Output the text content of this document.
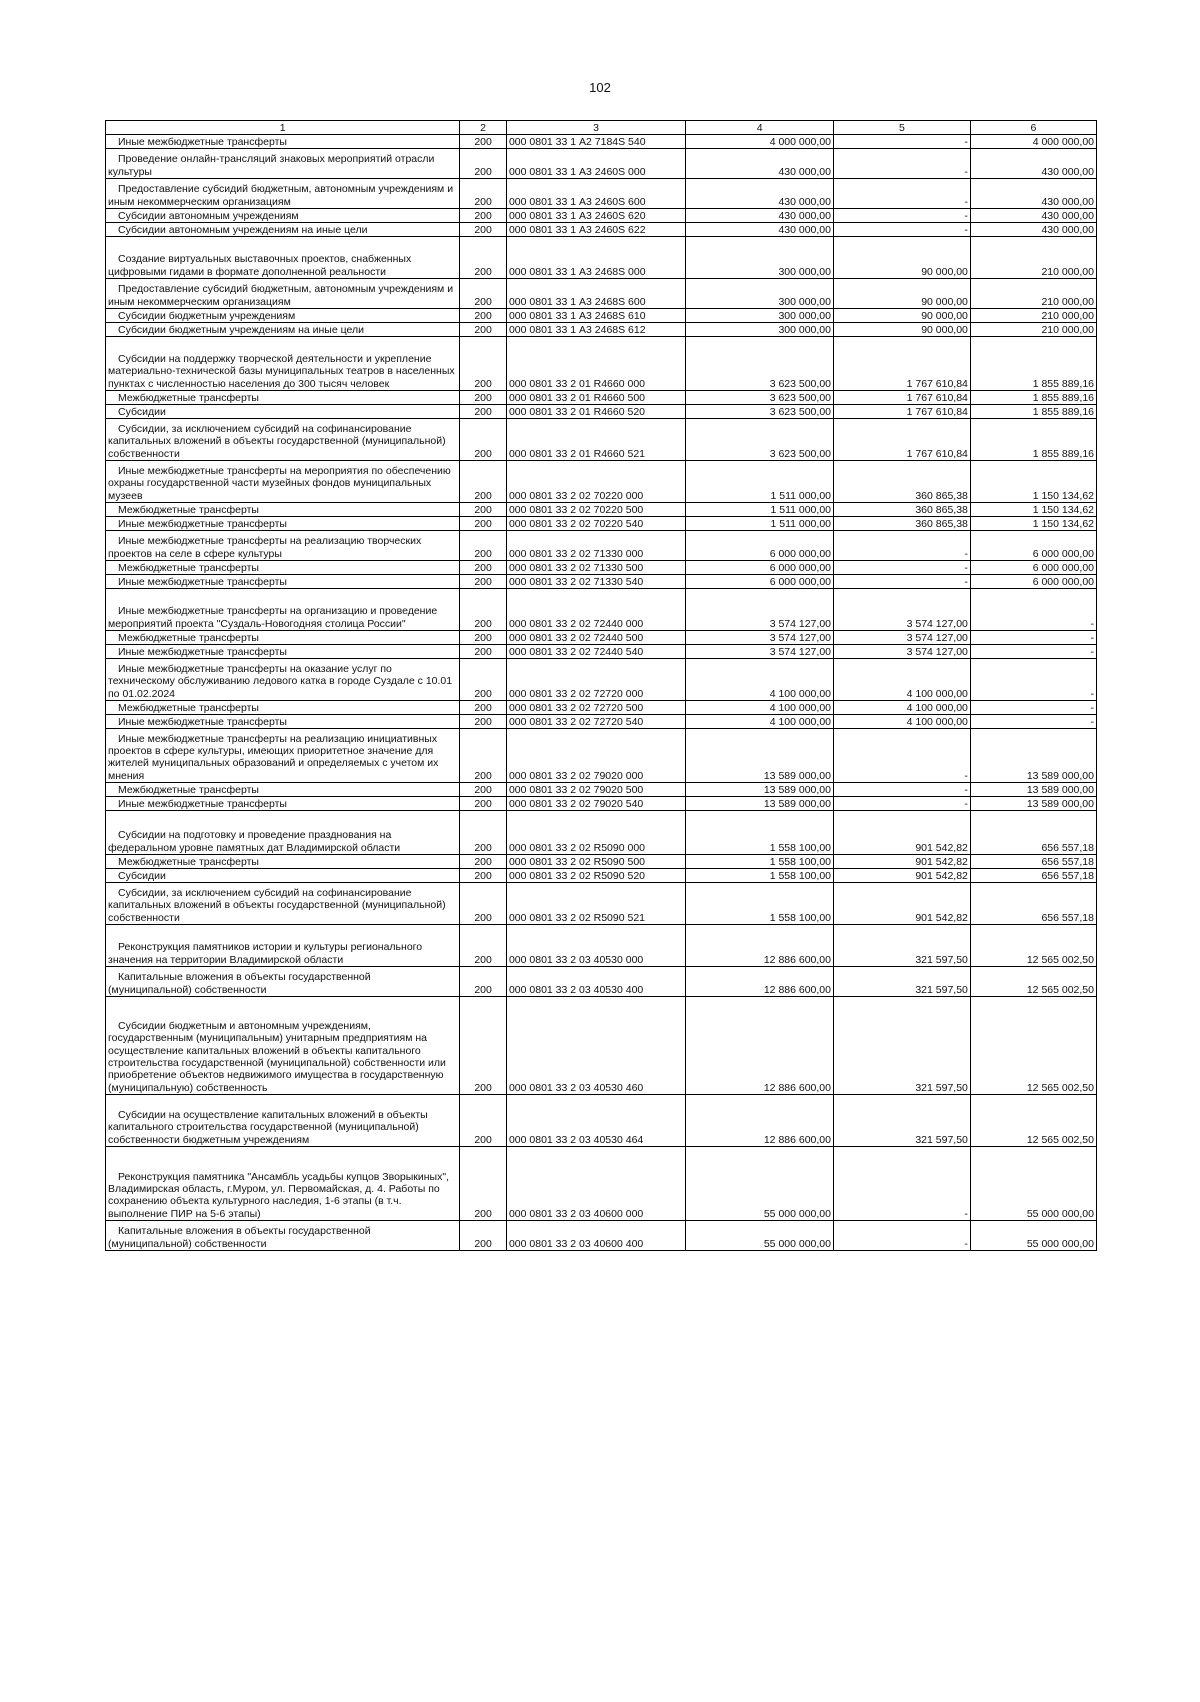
102
1	2	3	4	5	6

Иные межбюджетные трансферты	200	000 0801 33 1 А2 7184S 540	4 000 000,00	-	4 000 000,00

Проведение онлайн-трансляций знаковых мероприятий отрасли культуры	200	000 0801 33 1 А3 2460S 000	430 000,00	-	430 000,00

Предоставление субсидий бюджетным, автономным учреждениям и иным некоммерческим организациям	200	000 0801 33 1 А3 2460S 600	430 000,00	-	430 000,00

Субсидии автономным учреждениям	200	000 0801 33 1 А3 2460S 620	430 000,00	-	430 000,00

Субсидии автономным учреждениям на иные цели	200	000 0801 33 1 А3 2460S 622	430 000,00	-	430 000,00

Создание виртуальных выставочных проектов, снабженных цифровыми гидами в формате дополненной реальности	200	000 0801 33 1 А3 2468S 000	300 000,00	90 000,00	210 000,00

Предоставление субсидий бюджетным, автономным учреждениям и иным некоммерческим организациям	200	000 0801 33 1 А3 2468S 600	300 000,00	90 000,00	210 000,00

Субсидии бюджетным учреждениям	200	000 0801 33 1 А3 2468S 610	300 000,00	90 000,00	210 000,00

Субсидии бюджетным учреждениям на иные цели	200	000 0801 33 1 А3 2468S 612	300 000,00	90 000,00	210 000,00

Субсидии на поддержку творческой деятельности и укрепление материально-технической базы муниципальных театров в населенных пунктах с численностью населения до 300 тысяч человек	200	000 0801 33 2 01 R4660 000	3 623 500,00	1 767 610,84	1 855 889,16

Межбюджетные трансферты	200	000 0801 33 2 01 R4660 500	3 623 500,00	1 767 610,84	1 855 889,16

Субсидии	200	000 0801 33 2 01 R4660 520	3 623 500,00	1 767 610,84	1 855 889,16

Субсидии, за исключением субсидий на софинансирование капитальных вложений в объекты государственной (муниципальной) собственности	200	000 0801 33 2 01 R4660 521	3 623 500,00	1 767 610,84	1 855 889,16

Иные межбюджетные трансферты на мероприятия по обеспечению охраны государственной части музейных фондов муниципальных музеев	200	000 0801 33 2 02 70220 000	1 511 000,00	360 865,38	1 150 134,62

Межбюджетные трансферты	200	000 0801 33 2 02 70220 500	1 511 000,00	360 865,38	1 150 134,62

Иные межбюджетные трансферты	200	000 0801 33 2 02 70220 540	1 511 000,00	360 865,38	1 150 134,62

Иные межбюджетные трансферты на реализацию творческих проектов на селе в сфере культуры	200	000 0801 33 2 02 71330 000	6 000 000,00	-	6 000 000,00

Межбюджетные трансферты	200	000 0801 33 2 02 71330 500	6 000 000,00	-	6 000 000,00

Иные межбюджетные трансферты	200	000 0801 33 2 02 71330 540	6 000 000,00	-	6 000 000,00

Иные межбюджетные трансферты на организацию и проведение мероприятий проекта "Суздаль-Новогодняя столица России"	200	000 0801 33 2 02 72440 000	3 574 127,00	3 574 127,00	-

Межбюджетные трансферты	200	000 0801 33 2 02 72440 500	3 574 127,00	3 574 127,00	-

Иные межбюджетные трансферты	200	000 0801 33 2 02 72440 540	3 574 127,00	3 574 127,00	-

Иные межбюджетные трансферты на оказание услуг по техническому обслуживанию ледового катка в городе Суздале с 10.01 по 01.02.2024	200	000 0801 33 2 02 72720 000	4 100 000,00	4 100 000,00	-

Межбюджетные трансферты	200	000 0801 33 2 02 72720 500	4 100 000,00	4 100 000,00	-

Иные межбюджетные трансферты	200	000 0801 33 2 02 72720 540	4 100 000,00	4 100 000,00	-

Иные межбюджетные трансферты на реализацию инициативных проектов в сфере культуры, имеющих приоритетное значение для жителей муниципальных образований и определяемых с учетом их мнения	200	000 0801 33 2 02 79020 000	13 589 000,00	-	13 589 000,00

Межбюджетные трансферты	200	000 0801 33 2 02 79020 500	13 589 000,00	-	13 589 000,00

Иные межбюджетные трансферты	200	000 0801 33 2 02 79020 540	13 589 000,00	-	13 589 000,00

Субсидии на подготовку и проведение празднования на федеральном уровне памятных дат Владимирской области	200	000 0801 33 2 02 R5090 000	1 558 100,00	901 542,82	656 557,18

Межбюджетные трансферты	200	000 0801 33 2 02 R5090 500	1 558 100,00	901 542,82	656 557,18

Субсидии	200	000 0801 33 2 02 R5090 520	1 558 100,00	901 542,82	656 557,18

Субсидии, за исключением субсидий на софинансирование капитальных вложений в объекты государственной (муниципальной) собственности	200	000 0801 33 2 02 R5090 521	1 558 100,00	901 542,82	656 557,18

Реконструкция памятников истории и культуры регионального значения на территории Владимирской области	200	000 0801 33 2 03 40530 000	12 886 600,00	321 597,50	12 565 002,50

Капитальные вложения в объекты государственной (муниципальной) собственности	200	000 0801 33 2 03 40530 400	12 886 600,00	321 597,50	12 565 002,50

Субсидии бюджетным и автономным учреждениям, государственным (муниципальным) унитарным предприятиям на осуществление капитальных вложений в объекты капитального строительства государственной (муниципальной) собственности или приобретение объектов недвижимого имущества в государственную (муниципальную) собственность	200	000 0801 33 2 03 40530 460	12 886 600,00	321 597,50	12 565 002,50

Субсидии на осуществление капитальных вложений в объекты капитального строительства государственной (муниципальной) собственности бюджетным учреждениям	200	000 0801 33 2 03 40530 464	12 886 600,00	321 597,50	12 565 002,50

Реконструкция памятника "Ансамбль усадьбы купцов Зворыкиных", Владимирская область, г.Муром, ул. Первомайская, д. 4. Работы по сохранению объекта культурного наследия, 1-6 этапы (в т.ч. выполнение ПИР на 5-6 этапы)	200	000 0801 33 2 03 40600 000	55 000 000,00	-	55 000 000,00

Капитальные вложения в объекты государственной (муниципальной) собственности	200	000 0801 33 2 03 40600 400	55 000 000,00	-	55 000 000,00
